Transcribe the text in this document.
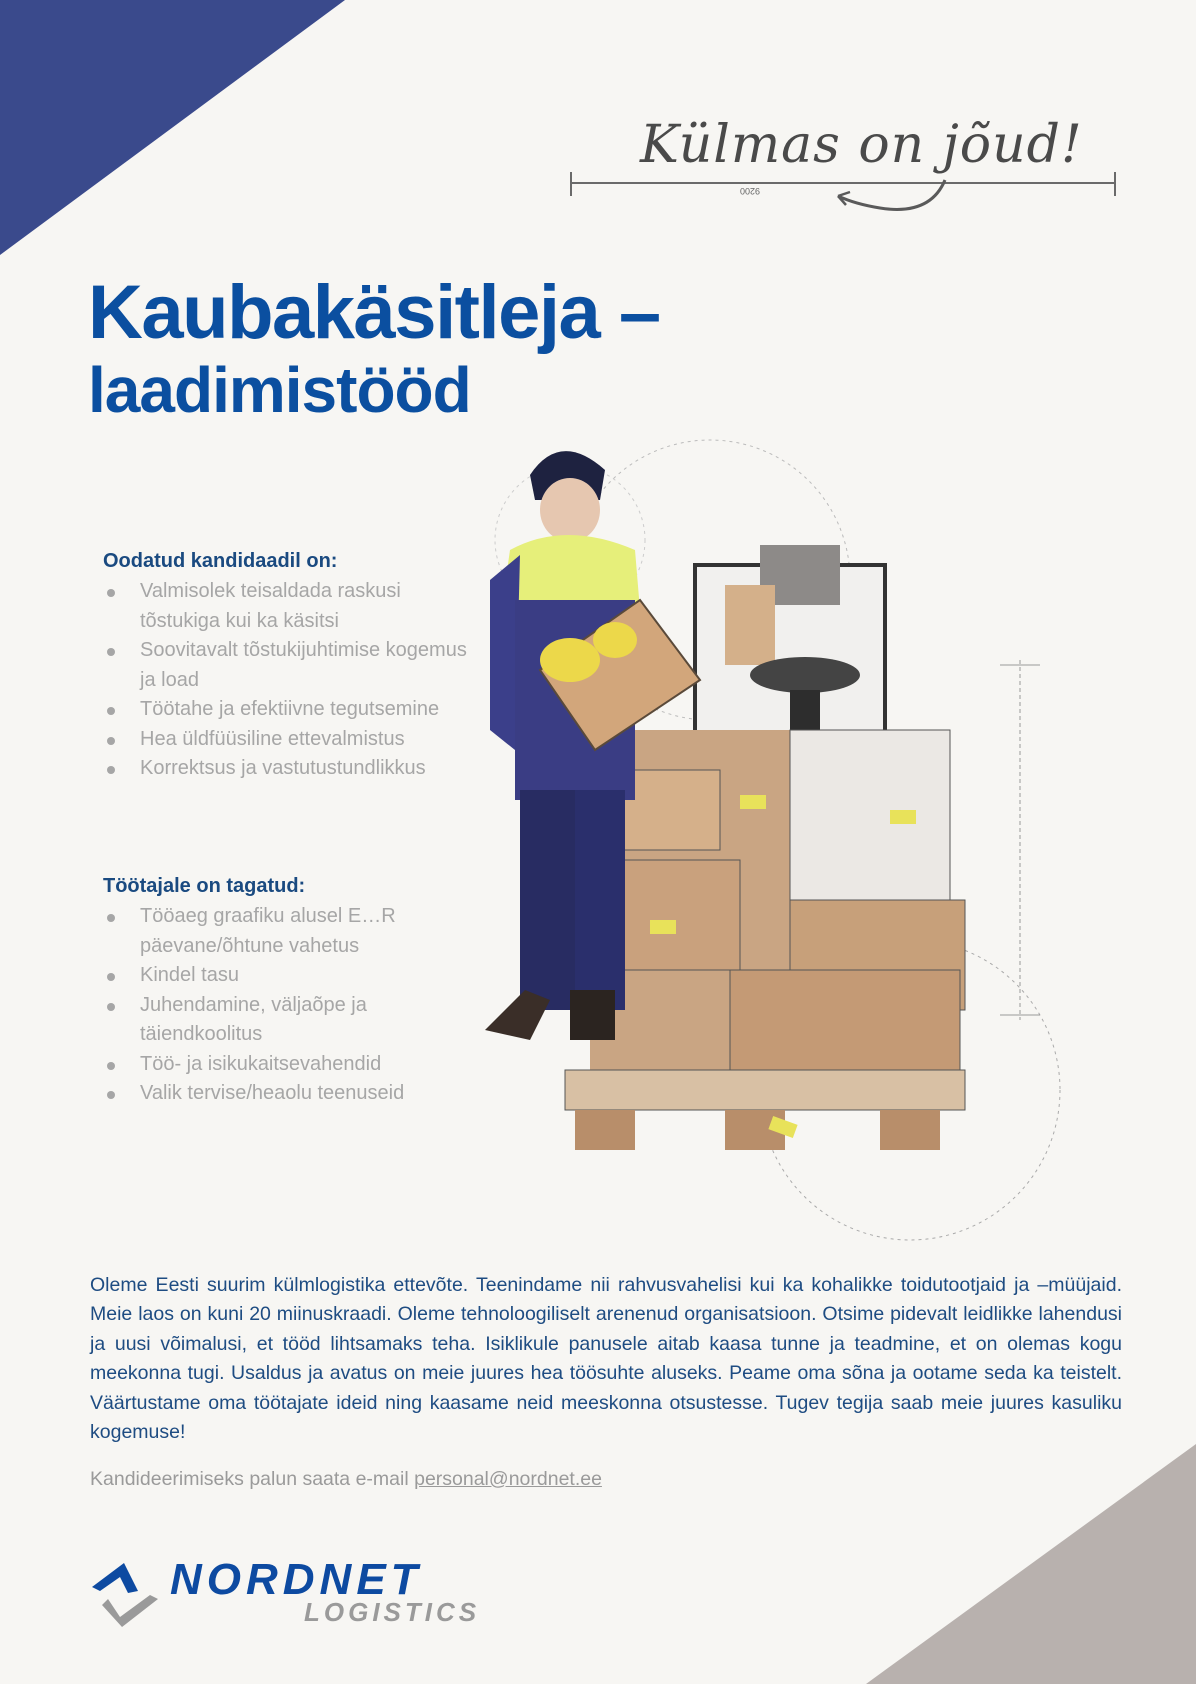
Külmas on jõud!
9200
Kaubakäsitleja –
laadimistööd
Oodatud kandidaadil on:
Valmisolek teisaldada raskusi tõstukiga kui ka käsitsi
Soovitavalt tõstukijuhtimise kogemus ja load
Töötahe ja efektiivne tegutsemine
Hea üldfüüsiline ettevalmistus
Korrektsus ja vastutustundlikkus
Töötajale on tagatud:
Tööaeg graafiku alusel E…R päevane/õhtune vahetus
Kindel tasu
Juhendamine, väljaõpe ja täiendkoolitus
Töö- ja isikukaitsevahendid
Valik tervise/heaolu teenuseid

Oleme Eesti suurim külmlogistika ettevõte. Teenindame nii rahvusvahelisi kui ka kohalikke toidutootjaid ja –müüjaid. Meie laos on kuni 20 miinuskraadi. Oleme tehnoloogiliselt arenenud organisatsioon. Otsime pidevalt leidlikke lahendusi ja uusi võimalusi, et tööd lihtsamaks teha. Isiklikule panusele aitab kaasa tunne ja teadmine, et on olemas kogu meekonna tugi. Usaldus ja avatus on meie juures hea töösuhte aluseks. Peame oma sõna ja ootame seda ka teistelt. Väärtustame oma töötajate ideid ning kaasame neid meeskonna otsustesse. Tugev tegija saab meie juures kasuliku kogemuse!

Kandideerimiseks palun saata e-mail personal@nordnet.ee
NORDNET
LOGISTICS
